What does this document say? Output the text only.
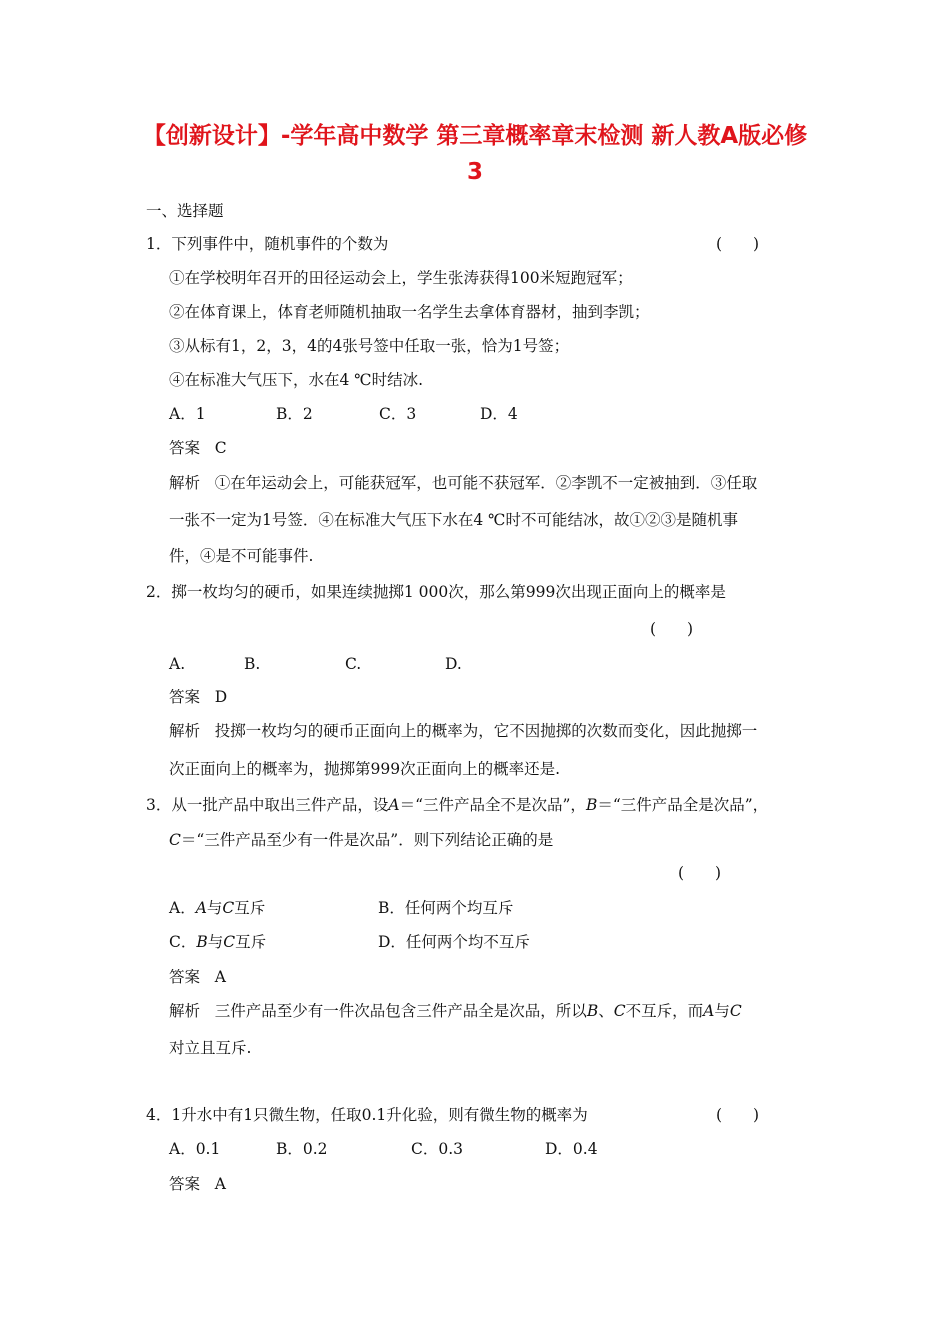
【创新设计】-学年高中数学 第三章概率章末检测 新人教A版必修
3
一、选择题
1．下列事件中，随机事件的个数为	(　　)
①在学校明年召开的田径运动会上，学生张涛获得100米短跑冠军；
②在体育课上，体育老师随机抽取一名学生去拿体育器材，抽到李凯；
③从标有1，2，3，4的4张号签中任取一张，恰为1号签；
④在标准大气压下，水在4 ℃时结冰.
A．1	B．2	C．3	D．4
答案 C
解析 ①在年运动会上，可能获冠军，也可能不获冠军．②李凯不一定被抽到．③任取
一张不一定为1号签．④在标准大气压下水在4 ℃时不可能结冰，故①②③是随机事
件，④是不可能事件.
2．掷一枚均匀的硬币，如果连续抛掷1 000次，那么第999次出现正面向上的概率是
(　　)
A.	B.	C.	D.
答案 D
解析 投掷一枚均匀的硬币正面向上的概率为，它不因抛掷的次数而变化，因此抛掷一
次正面向上的概率为，抛掷第999次正面向上的概率还是.
3．从一批产品中取出三件产品，设A＝“三件产品全不是次品”，B＝“三件产品全是次品”，
C＝“三件产品至少有一件是次品”．则下列结论正确的是
(　　)
A．A与C互斥	B．任何两个均互斥
C．B与C互斥	D．任何两个均不互斥
答案 A
解析 三件产品至少有一件次品包含三件产品全是次品，所以B、C不互斥，而A与C
对立且互斥.
4．1升水中有1只微生物，任取0.1升化验，则有微生物的概率为	(　　)
A．0.1	B．0.2	C．0.3	D．0.4
答案 A
